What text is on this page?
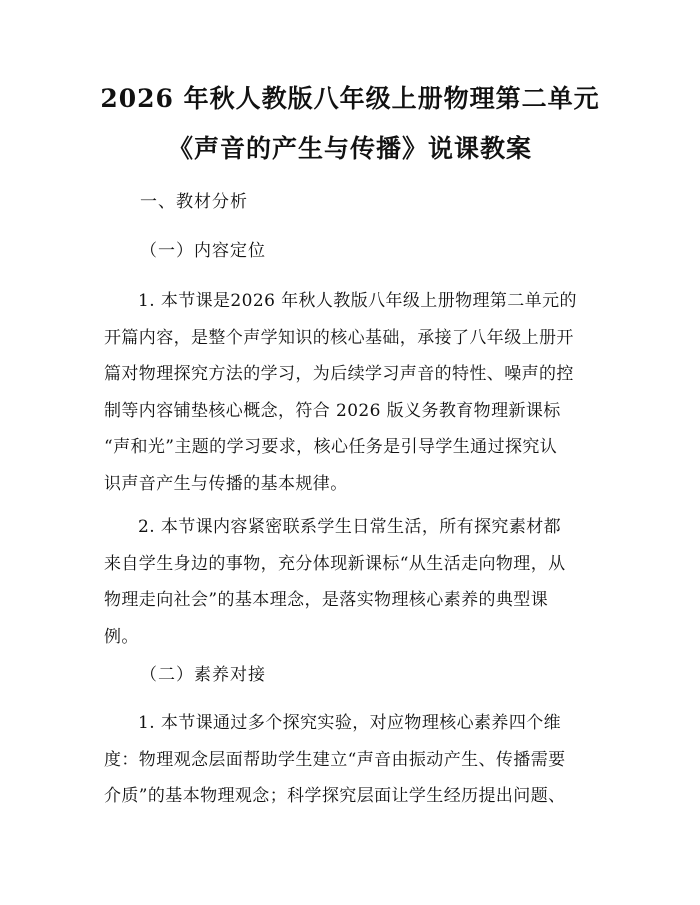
2026 年秋人教版八年级上册物理第二单元
《声音的产生与传播》说课教案
一、教材分析
（一）内容定位
1. 本节课是2026 年秋人教版八年级上册物理第二单元的
开篇内容，是整个声学知识的核心基础，承接了八年级上册开
篇对物理探究方法的学习，为后续学习声音的特性、噪声的控
制等内容铺垫核心概念，符合 2026 版义务教育物理新课标
“声和光”主题的学习要求，核心任务是引导学生通过探究认
识声音产生与传播的基本规律。
2. 本节课内容紧密联系学生日常生活，所有探究素材都
来自学生身边的事物，充分体现新课标“从生活走向物理，从
物理走向社会”的基本理念，是落实物理核心素养的典型课
例。
（二）素养对接
1. 本节课通过多个探究实验，对应物理核心素养四个维
度：物理观念层面帮助学生建立“声音由振动产生、传播需要
介质”的基本物理观念；科学探究层面让学生经历提出问题、
